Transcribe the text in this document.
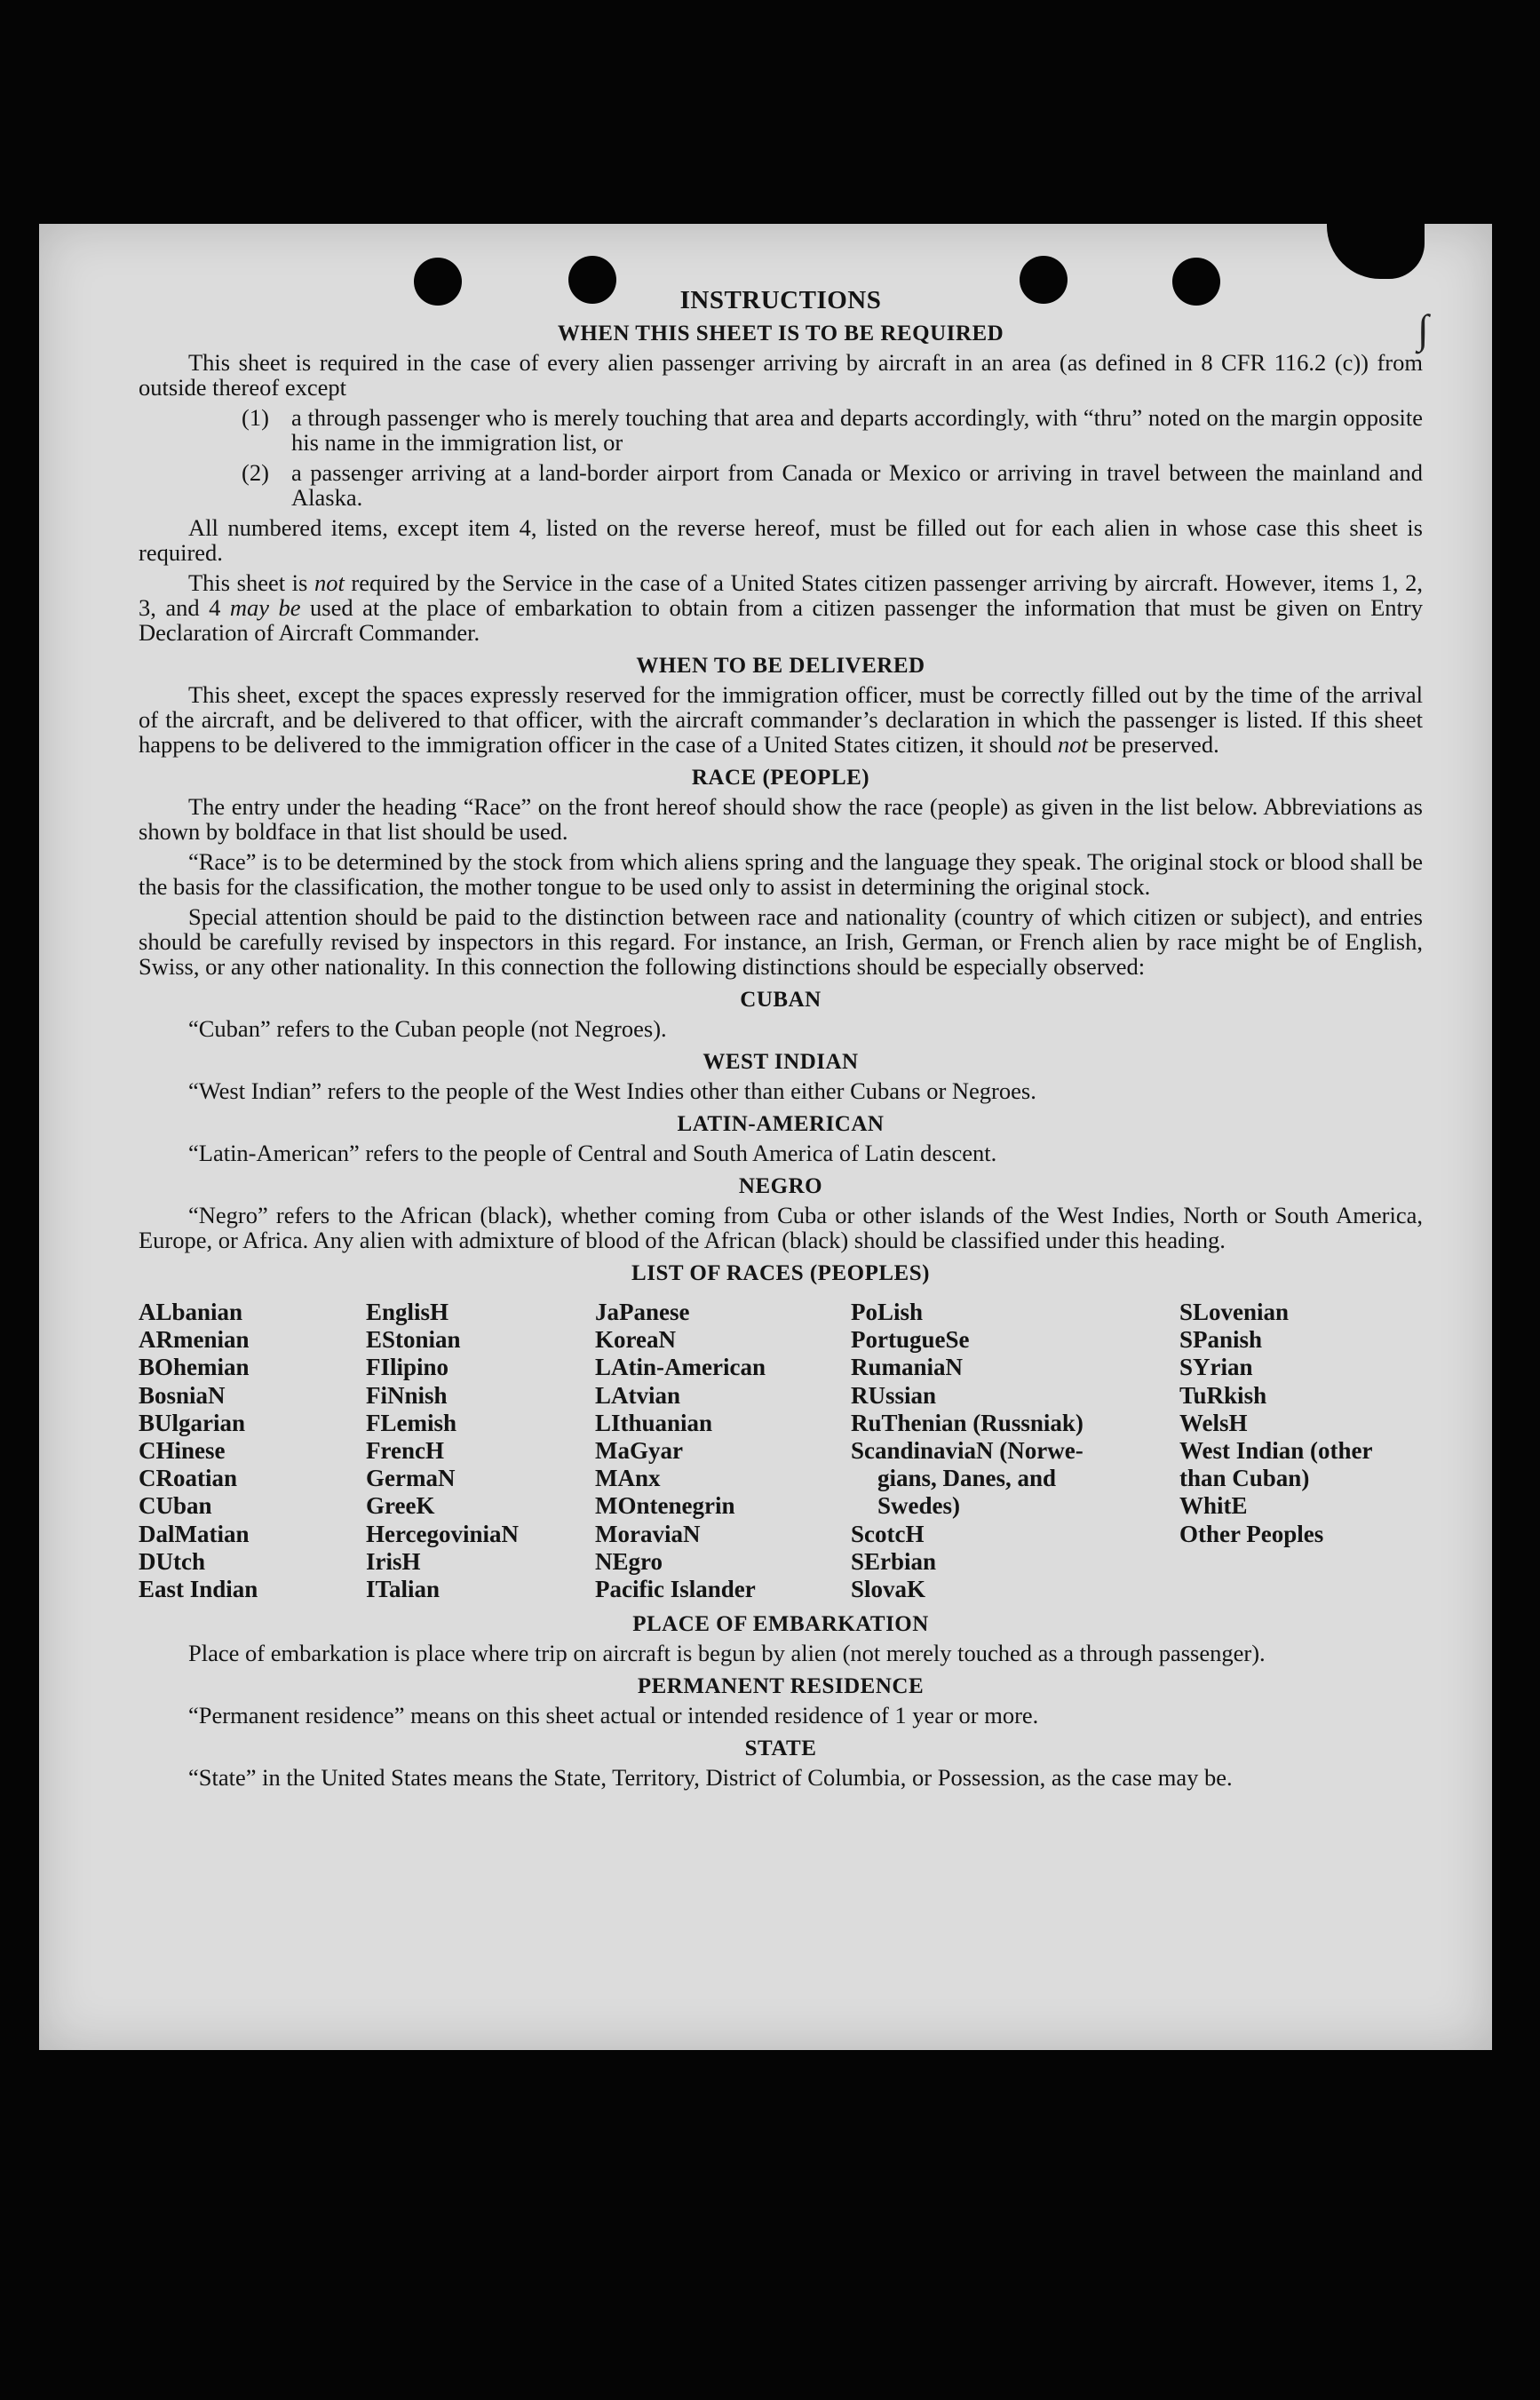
∫
INSTRUCTIONS
WHEN THIS SHEET IS TO BE REQUIRED

This sheet is required in the case of every alien passenger arriving by aircraft in an area (as defined in 8 CFR 116.2 (c)) from outside thereof except

(1) a through passenger who is merely touching that area and departs accordingly, with “thru” noted on the margin opposite his name in the immigration list, or
(2) a passenger arriving at a land-border airport from Canada or Mexico or arriving in travel between the mainland and Alaska.

All numbered items, except item 4, listed on the reverse hereof, must be filled out for each alien in whose case this sheet is required.

This sheet is not required by the Service in the case of a United States citizen passenger arriving by aircraft. However, items 1, 2, 3, and 4 may be used at the place of embarkation to obtain from a citizen passenger the information that must be given on Entry Declaration of Aircraft Commander.

WHEN TO BE DELIVERED

This sheet, except the spaces expressly reserved for the immigration officer, must be correctly filled out by the time of the arrival of the aircraft, and be delivered to that officer, with the aircraft commander’s declaration in which the passenger is listed. If this sheet happens to be delivered to the immigration officer in the case of a United States citizen, it should not be preserved.

RACE (PEOPLE)

The entry under the heading “Race” on the front hereof should show the race (people) as given in the list below. Abbreviations as shown by boldface in that list should be used.

“Race” is to be determined by the stock from which aliens spring and the language they speak. The original stock or blood shall be the basis for the classification, the mother tongue to be used only to assist in determining the original stock.

Special attention should be paid to the distinction between race and nationality (country of which citizen or subject), and entries should be carefully revised by inspectors in this regard. For instance, an Irish, German, or French alien by race might be of English, Swiss, or any other nationality. In this connection the following distinctions should be especially observed:

CUBAN

“Cuban” refers to the Cuban people (not Negroes).

WEST INDIAN

“West Indian” refers to the people of the West Indies other than either Cubans or Negroes.

LATIN-AMERICAN

“Latin-American” refers to the people of Central and South America of Latin descent.

NEGRO

“Negro” refers to the African (black), whether coming from Cuba or other islands of the West Indies, North or South America, Europe, or Africa. Any alien with admixture of blood of the African (black) should be classified under this heading.

LIST OF RACES (PEOPLES)
ALbanian
ARmenian
BOhemian
BosniaN
BUlgarian
CHinese
CRoatian
CUban
DalMatian
DUtch
East Indian
EnglisH
EStonian
FIlipino
FiNnish
FLemish
FrencH
GermaN
GreeK
HercegoviniaN
IrisH
ITalian
JaPanese
KoreaN
LAtin-American
LAtvian
LIthuanian
MaGyar
MAnx
MOntenegrin
MoraviaN
NEgro
Pacific Islander
PoLish
PortugueSe
RumaniaN
RUssian
RuThenian (Russniak)
ScandinaviaN (Norwe-
gians, Danes, and
Swedes)
ScotcH
SErbian
SlovaK
SLovenian
SPanish
SYrian
TuRkish
WelsH
West Indian (other
than Cuban)
WhitE
Other Peoples
PLACE OF EMBARKATION

Place of embarkation is place where trip on aircraft is begun by alien (not merely touched as a through passenger).

PERMANENT RESIDENCE

“Permanent residence” means on this sheet actual or intended residence of 1 year or more.

STATE

“State” in the United States means the State, Territory, District of Columbia, or Possession, as the case may be.
